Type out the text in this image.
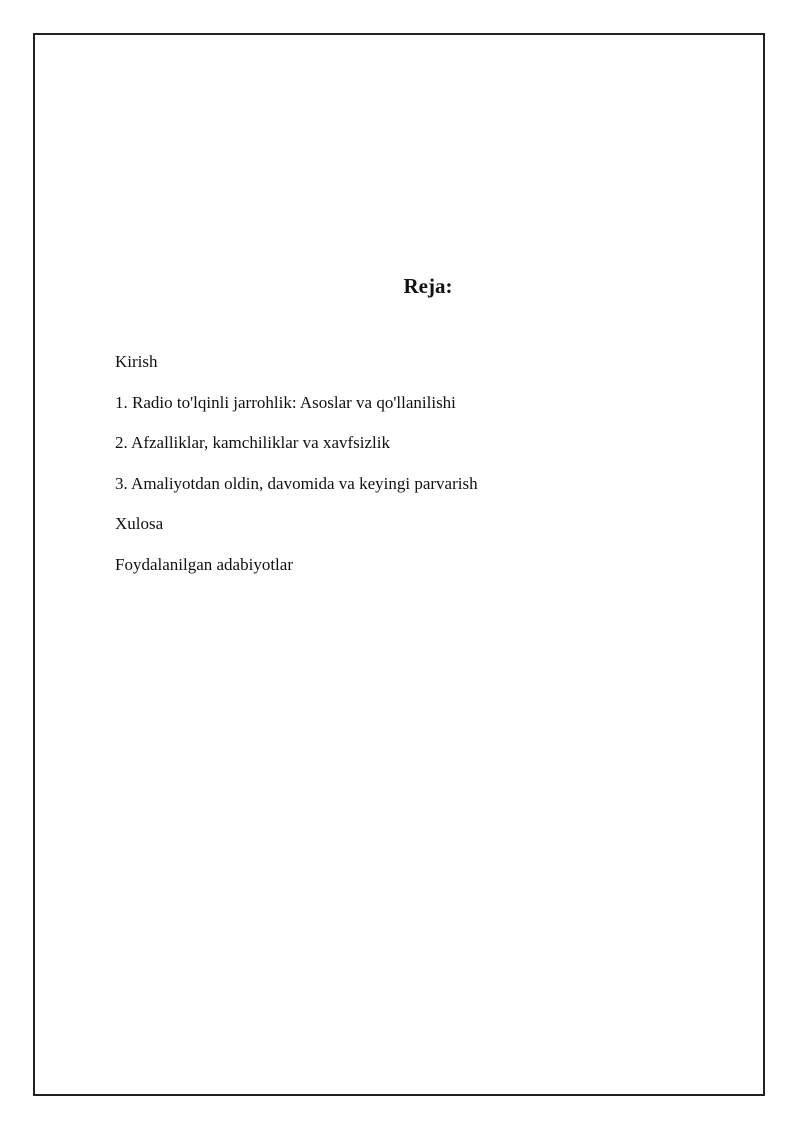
Reja:
Kirish
1. Radio to'lqinli jarrohlik: Asoslar va qo'llanilishi
2. Afzalliklar, kamchiliklar va xavfsizlik
3. Amaliyotdan oldin, davomida va keyingi parvarish
Xulosa
Foydalanilgan adabiyotlar
